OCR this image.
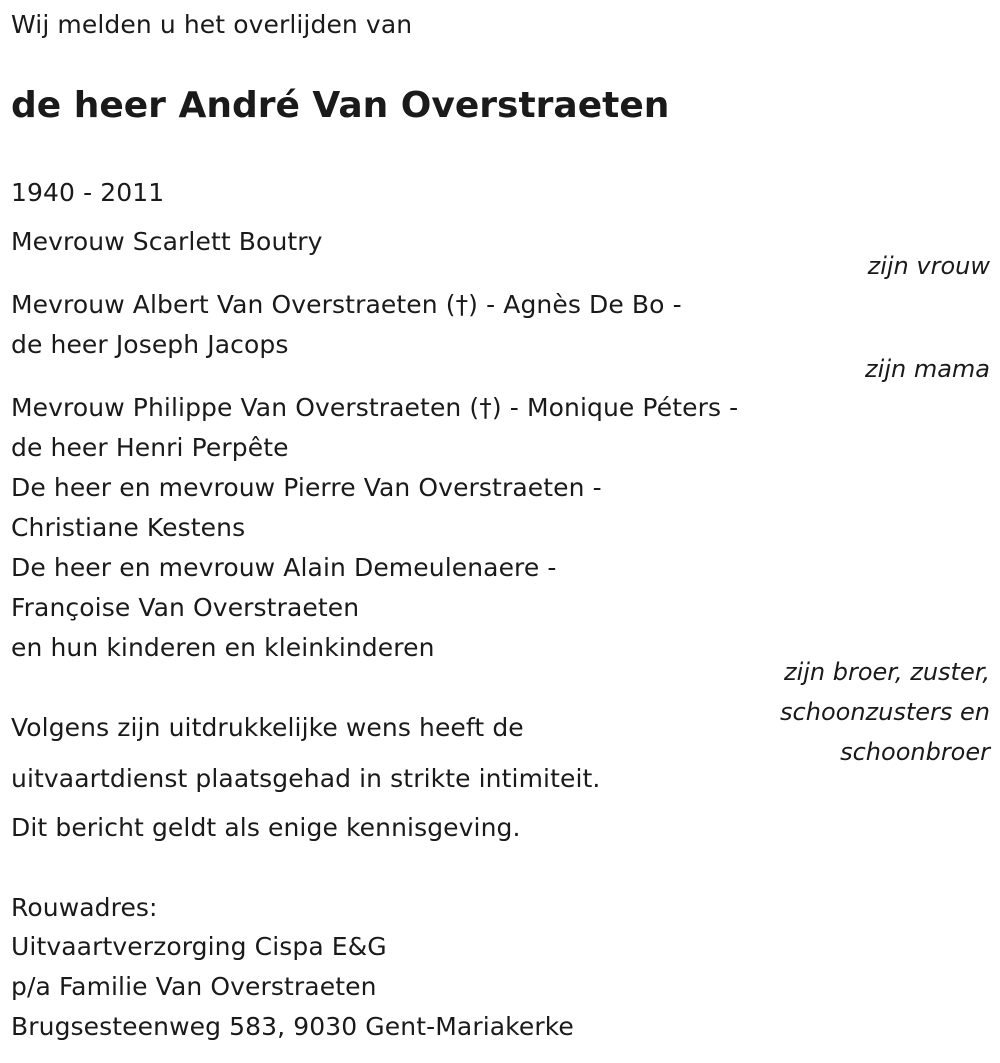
Wij melden u het overlijden van

de heer André Van Overstraeten

1940 - 2011

Mevrouw Scarlett Boutry

zijn vrouw

Mevrouw Albert Van Overstraeten (†) - Agnès De Bo -

de heer Joseph Jacops

zijn mama

Mevrouw Philippe Van Overstraeten (†) - Monique Péters -

de heer Henri Perpête

De heer en mevrouw Pierre Van Overstraeten -

Christiane Kestens

De heer en mevrouw Alain Demeulenaere -

Françoise Van Overstraeten

en hun kinderen en kleinkinderen

zijn broer, zuster,

schoonzusters en

schoonbroer

Volgens zijn uitdrukkelijke wens heeft de

uitvaartdienst plaatsgehad in strikte intimiteit.

Dit bericht geldt als enige kennisgeving.

Rouwadres:

Uitvaartverzorging Cispa E&G

p/a Familie Van Overstraeten

Brugsesteenweg 583, 9030 Gent-Mariakerke
